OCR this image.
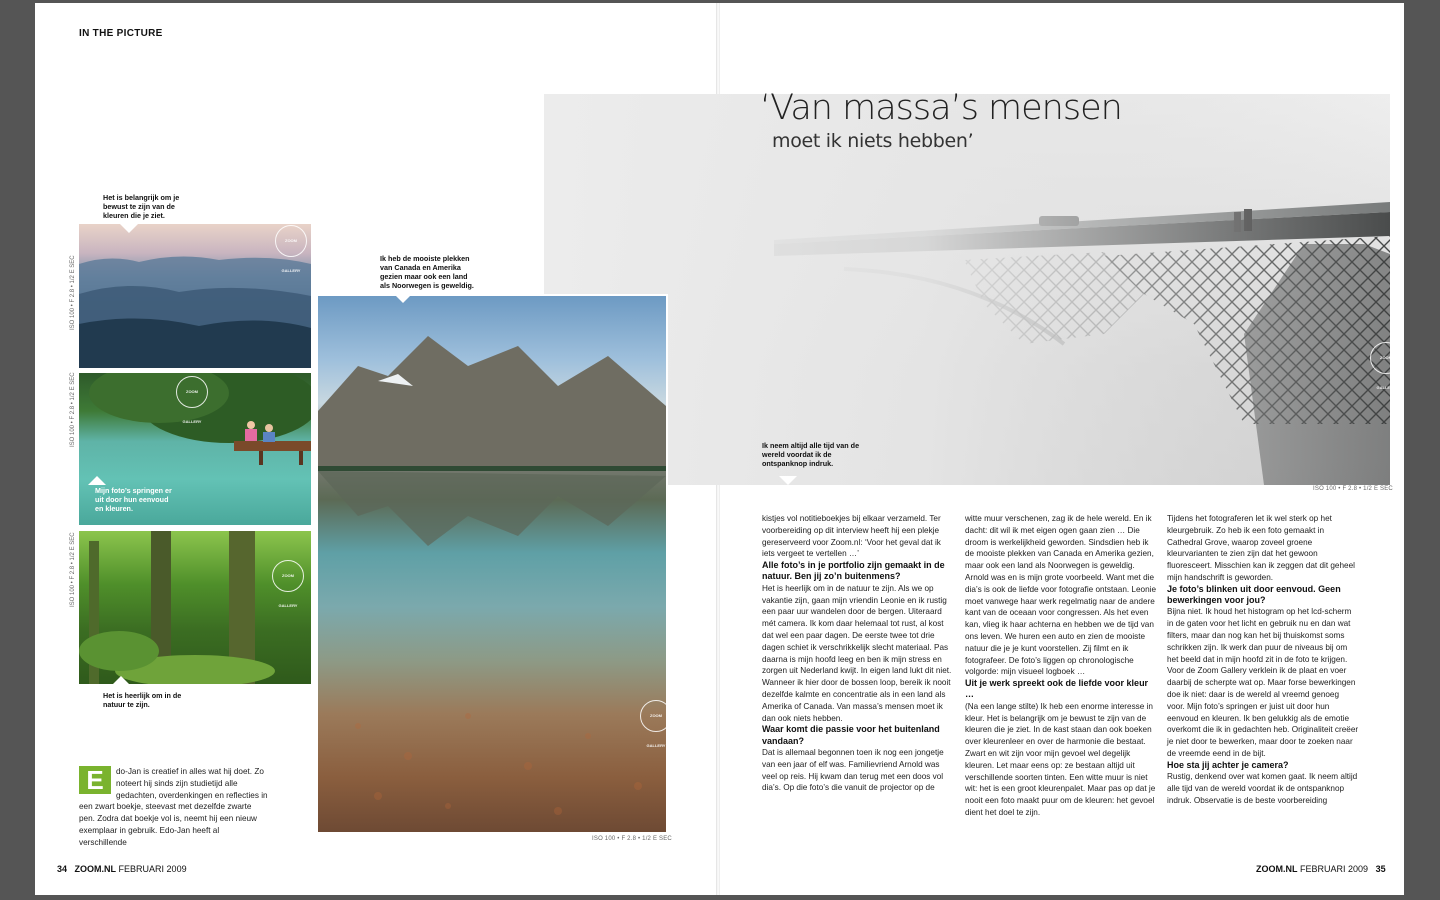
IN THE PICTURE
ISO 100 • F 2.8 • 1/2 E SEC
ZOOM GALLERY
‘Van massa’s mensen
moet ik niets hebben’
Ik neem altijd alle tijd van de wereld voordat ik de ontspanknop indruk.
Het is belangrijk om je bewust te zijn van de kleuren die je ziet.
ZOOM GALLERY
ISO 100 • F 2.8 • 1/2 E SEC
Mijn foto’s springen er uit door hun eenvoud en kleuren.
ZOOM GALLERY
ISO 100 • F 2.8 • 1/2 E SEC
Het is heerlijk om in de natuur te zijn.
ZOOM GALLERY
ISO 100 • F 2.8 • 1/2 E SEC
Ik heb de mooiste plekken van Canada en Amerika gezien maar ook een land als Noorwegen is geweldig.
ZOOM GALLERY
ISO 100 • F 2.8 • 1/2 E SEC
E	do-Jan is creatief in alles wat hij doet. Zo noteert hij sinds zijn studietijd alle gedachten, overdenkingen en reflecties in een zwart boekje, steevast met dezelfde zwarte pen. Zodra dat boekje vol is, neemt hij een nieuw exemplaar in gebruik. Edo-Jan heeft al verschillende

kistjes vol notitieboekjes bij elkaar verzameld. Ter voorbereiding op dit interview heeft hij een plekje gereserveerd voor Zoom.nl: ‘Voor het geval dat ik iets vergeet te vertellen …’

Alle foto’s in je portfolio zijn gemaakt in de natuur. Ben jij zo’n buitenmens?

Het is heerlijk om in de natuur te zijn. Als we op vakantie zijn, gaan mijn vriendin Leonie en ik rustig een paar uur wandelen door de bergen. Uiteraard mét camera. Ik kom daar helemaal tot rust, al kost dat wel een paar dagen. De eerste twee tot drie dagen schiet ik verschrikkelijk slecht materiaal. Pas daarna is mijn hoofd leeg en ben ik mijn stress en zorgen uit Nederland kwijt. In eigen land lukt dit niet. Wanneer ik hier door de bossen loop, bereik ik nooit dezelfde kalmte en concentratie als in een land als Amerika of Canada. Van massa’s mensen moet ik dan ook niets hebben.

Waar komt die passie voor het buitenland vandaan?

Dat is allemaal begonnen toen ik nog een jongetje van een jaar of elf was. Familievriend Arnold was veel op reis. Hij kwam dan terug met een doos vol dia’s. Op die foto’s die vanuit de projector op de

witte muur verschenen, zag ik de hele wereld. En ik dacht: dit wil ik met eigen ogen gaan zien … Die droom is werkelijkheid geworden. Sindsdien heb ik de mooiste plekken van Canada en Amerika gezien, maar ook een land als Noorwegen is geweldig. Arnold was en is mijn grote voorbeeld. Want met die dia’s is ook de liefde voor fotografie ontstaan. Leonie moet vanwege haar werk regelmatig naar de andere kant van de oceaan voor congressen. Als het even kan, vlieg ik haar achterna en hebben we de tijd van ons leven. We huren een auto en zien de mooiste natuur die je je kunt voorstellen. Zij filmt en ik fotografeer. De foto’s liggen op chronologische volgorde: mijn visueel logboek …

Uit je werk spreekt ook de liefde voor kleur …

(Na een lange stilte) Ik heb een enorme interesse in kleur. Het is belangrijk om je bewust te zijn van de kleuren die je ziet. In de kast staan dan ook boeken over kleurenleer en over de harmonie die bestaat. Zwart en wit zijn voor mijn gevoel wel degelijk kleuren. Let maar eens op: ze bestaan altijd uit verschillende soorten tinten. Een witte muur is niet wit: het is een groot kleurenpalet. Maar pas op dat je nooit een foto maakt puur om de kleuren: het gevoel dient het doel te zijn.

Tijdens het fotograferen let ik wel sterk op het kleurgebruik. Zo heb ik een foto gemaakt in Cathedral Grove, waarop zoveel groene kleurvarianten te zien zijn dat het gewoon fluoresceert. Misschien kan ik zeggen dat dit geheel mijn handschrift is geworden.

Je foto’s blinken uit door eenvoud. Geen bewerkingen voor jou?

Bijna niet. Ik houd het histogram op het lcd-scherm in de gaten voor het licht en gebruik nu en dan wat filters, maar dan nog kan het bij thuiskomst soms schrikken zijn. Ik werk dan puur de niveaus bij om het beeld dat in mijn hoofd zit in de foto te krijgen. Voor de Zoom Gallery verklein ik de plaat en voer daarbij de scherpte wat op. Maar forse bewerkingen doe ik niet: daar is de wereld al vreemd genoeg voor. Mijn foto’s springen er juist uit door hun eenvoud en kleuren. Ik ben gelukkig als de emotie overkomt die ik in gedachten heb. Originaliteit creëer je niet door te bewerken, maar door te zoeken naar de vreemde eend in de bijt.

Hoe sta jij achter je camera?

Rustig, denkend over wat komen gaat. Ik neem altijd alle tijd van de wereld voordat ik de ontspanknop indruk. Observatie is de beste voorbereiding

34 ZOOM.NL FEBRUARI 2009	ZOOM.NL FEBRUARI 2009 35
